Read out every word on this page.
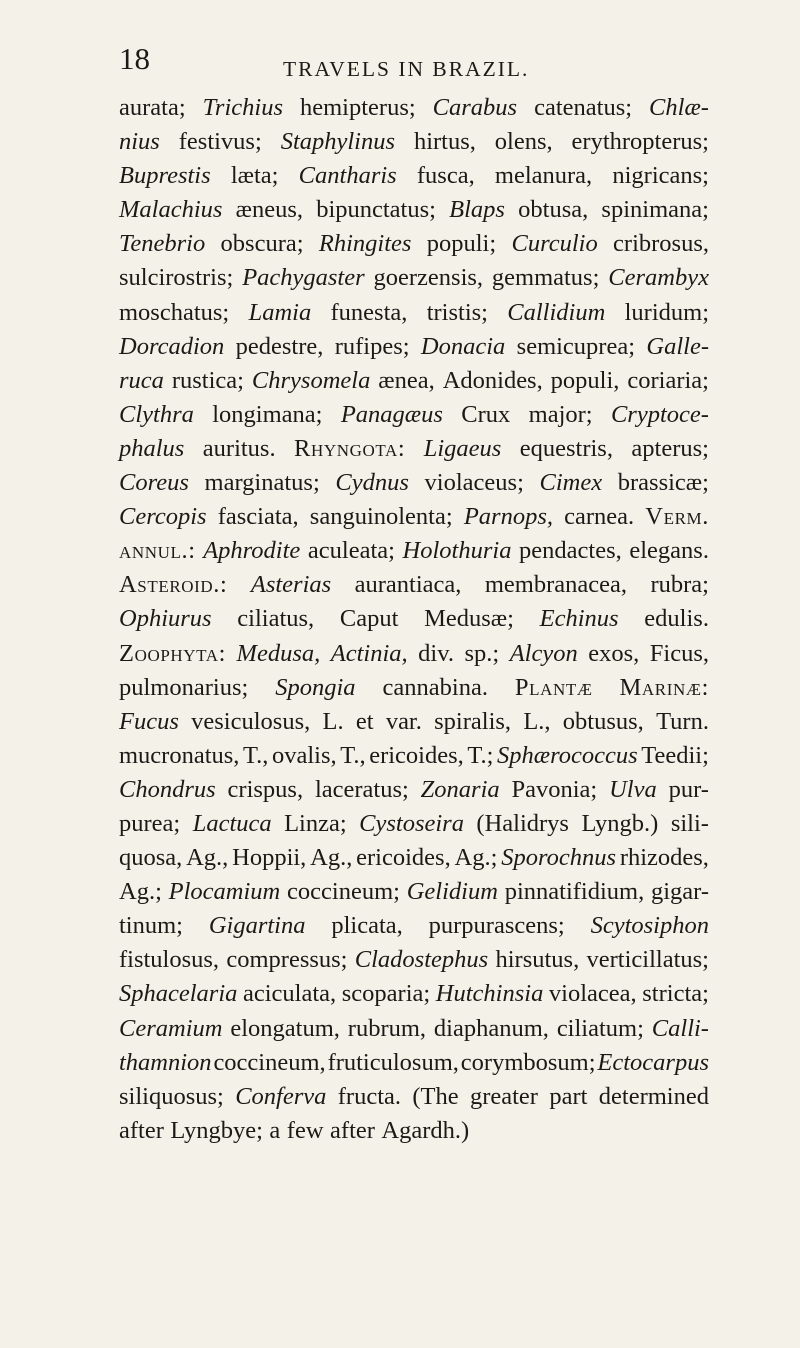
18	TRAVELS IN BRAZIL.
aurata; Trichius hemipterus; Carabus catenatus; Chlæ-
nius festivus; Staphylinus hirtus, olens, erythropterus;
Buprestis læta; Cantharis fusca, melanura, nigricans;
Malachius æneus, bipunctatus; Blaps obtusa, spinimana;
Tenebrio obscura; Rhingites populi; Curculio cribrosus,
sulcirostris; Pachygaster goerzensis, gemmatus; Cerambyx
moschatus; Lamia funesta, tristis; Callidium luridum;
Dorcadion pedestre, rufipes; Donacia semicuprea; Galle-
ruca rustica; Chrysomela ænea, Adonides, populi, coriaria;
Clythra longimana; Panagæus Crux major; Cryptoce-
phalus auritus. Rhyngota: Ligaeus equestris, apterus;
Coreus marginatus; Cydnus violaceus; Cimex brassicæ;
Cercopis fasciata, sanguinolenta; Parnops, carnea. Verm.
annul.: Aphrodite aculeata; Holothuria pendactes, elegans.
Asteroid.: Asterias aurantiaca, membranacea, rubra;
Ophiurus ciliatus, Caput Medusæ; Echinus edulis.
Zoophyta: Medusa, Actinia, div. sp.; Alcyon exos, Ficus,
pulmonarius; Spongia cannabina. Plantæ Marinæ:
Fucus vesiculosus, L. et var. spiralis, L., obtusus, Turn.
mucronatus, T., ovalis, T., ericoides, T.; Sphærococcus Teedii;
Chondrus crispus, laceratus; Zonaria Pavonia; Ulva pur-
purea; Lactuca Linza; Cystoseira (Halidrys Lyngb.) sili-
quosa, Ag., Hoppii, Ag., ericoides, Ag.; Sporochnus rhizodes,
Ag.; Plocamium coccineum; Gelidium pinnatifidium, gigar-
tinum; Gigartina plicata, purpurascens; Scytosiphon
fistulosus, compressus; Cladostephus hirsutus, verticillatus;
Sphacelaria aciculata, scoparia; Hutchinsia violacea, stricta;
Ceramium elongatum, rubrum, diaphanum, ciliatum; Calli-
thamnion coccineum, fruticulosum, corymbosum; Ectocarpus
siliquosus; Conferva fructa. (The greater part determined
after Lyngbye; a few after Agardh.)
